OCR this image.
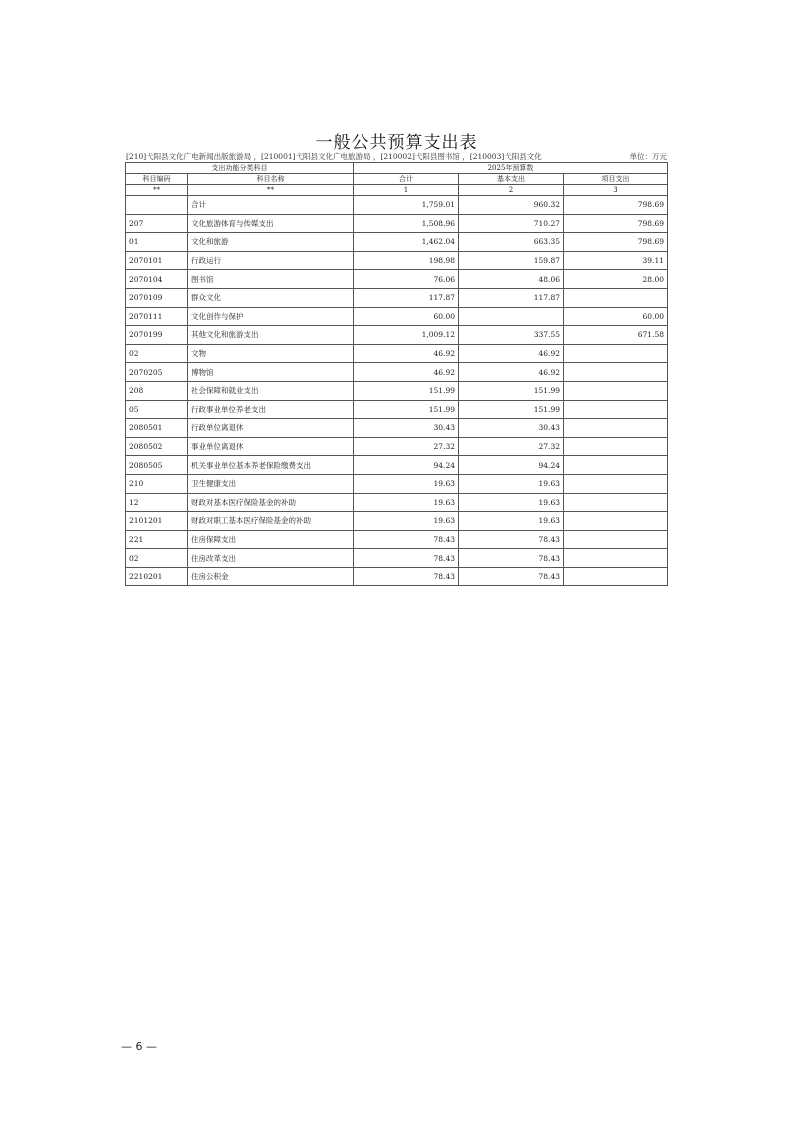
一般公共预算支出表
[210]弋阳县文化广电新闻出版旅游局 ，[210001]弋阳县文化广电旅游局 ，[210002]弋阳县图书馆 ，[210003]弋阳县文化	单位：万元
支出功能分类科目		2025年预算数		
科目编码	科目名称	合计	基本支出	项目支出
**	**	1	2	3
	合计	1,759.01	960.32	798.69
207	文化旅游体育与传媒支出	1,508.96	710.27	798.69
01	文化和旅游	1,462.04	663.35	798.69
2070101	行政运行	198.98	159.87	39.11
2070104	图书馆	76.06	48.06	28.00
2070109	群众文化	117.87	117.87	
2070111	文化创作与保护	60.00		60.00
2070199	其他文化和旅游支出	1,009.12	337.55	671.58
02	文物	46.92	46.92	
2070205	博物馆	46.92	46.92	
208	社会保障和就业支出	151.99	151.99	
05	行政事业单位养老支出	151.99	151.99	
2080501	行政单位离退休	30.43	30.43	
2080502	事业单位离退休	27.32	27.32	
2080505	机关事业单位基本养老保险缴费支出	94.24	94.24	
210	卫生健康支出	19.63	19.63	
12	财政对基本医疗保险基金的补助	19.63	19.63	
2101201	财政对职工基本医疗保险基金的补助	19.63	19.63	
221	住房保障支出	78.43	78.43	
02	住房改革支出	78.43	78.43	
2210201	住房公积金	78.43	78.43	
— 6 —
